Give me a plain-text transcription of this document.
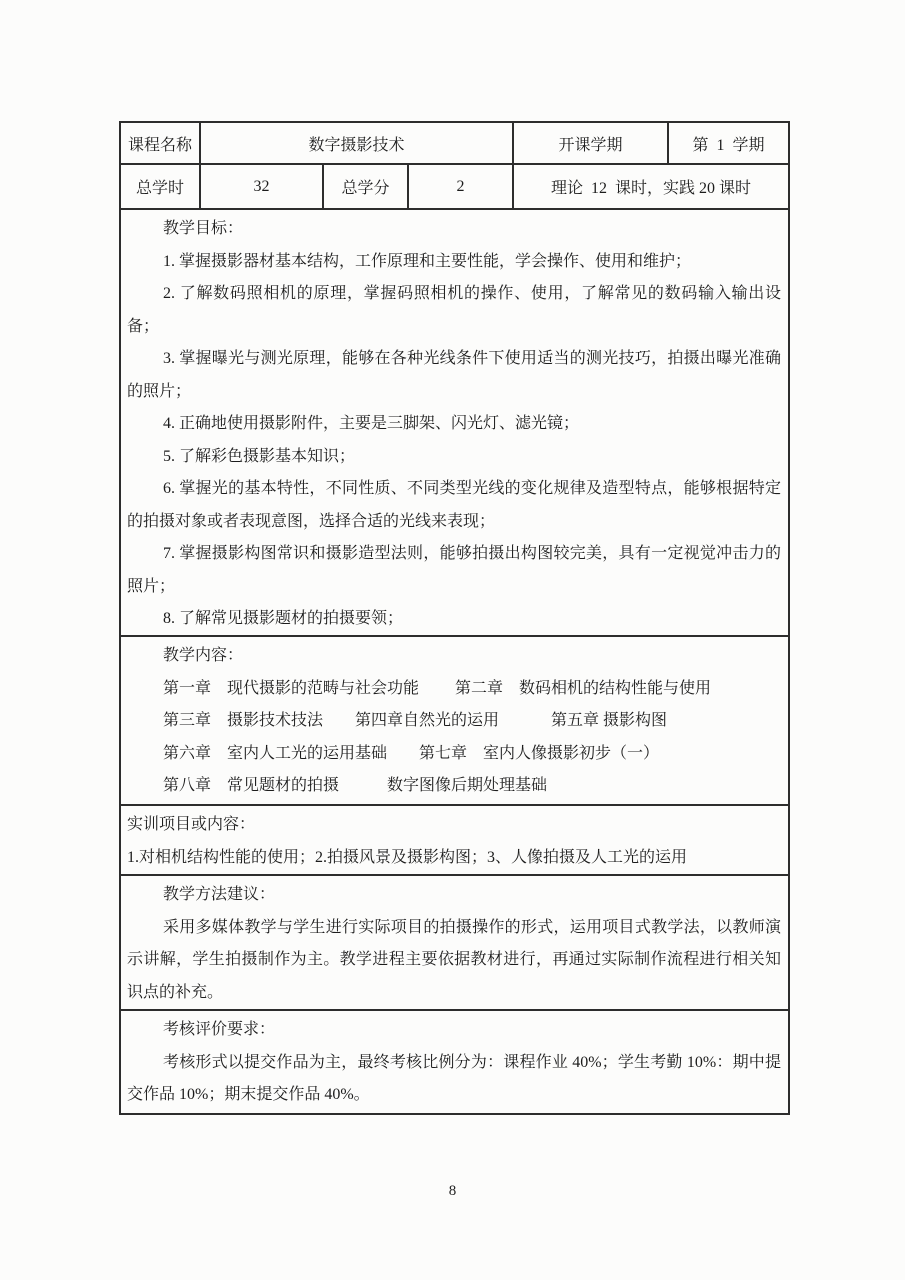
课程名称	数字摄影技术	开课学期	第  1  学期
总学时	32	总学分	2	理论  12  课时，实践 20 课时

教学目标：

1. 掌握摄影器材基本结构，工作原理和主要性能，学会操作、使用和维护；

2. 了解数码照相机的原理，掌握码照相机的操作、使用，了解常见的数码输入输出设备；

3. 掌握曝光与测光原理，能够在各种光线条件下使用适当的测光技巧，拍摄出曝光准确的照片；

4. 正确地使用摄影附件，主要是三脚架、闪光灯、滤光镜；

5. 了解彩色摄影基本知识；

6. 掌握光的基本特性，不同性质、不同类型光线的变化规律及造型特点，能够根据特定的拍摄对象或者表现意图，选择合适的光线来表现；

7. 掌握摄影构图常识和摄影造型法则，能够拍摄出构图较完美，具有一定视觉冲击力的照片；

8. 了解常见摄影题材的拍摄要领；

教学内容：

第一章　现代摄影的范畴与社会功能　　 第二章　数码相机的结构性能与使用

第三章　摄影技术技法　　第四章自然光的运用　　　 第五章 摄影构图

第六章　室内人工光的运用基础　　第七章　室内人像摄影初步（一）

第八章　常见题材的拍摄　　　数字图像后期处理基础

实训项目或内容：

1.对相机结构性能的使用；2.拍摄风景及摄影构图；3、人像拍摄及人工光的运用

教学方法建议：

采用多媒体教学与学生进行实际项目的拍摄操作的形式，运用项目式教学法，以教师演示讲解，学生拍摄制作为主。教学进程主要依据教材进行，再通过实际制作流程进行相关知识点的补充。

考核评价要求：

考核形式以提交作品为主，最终考核比例分为：课程作业 40%；学生考勤 10%：期中提交作品 10%；期末提交作品 40%。

8
